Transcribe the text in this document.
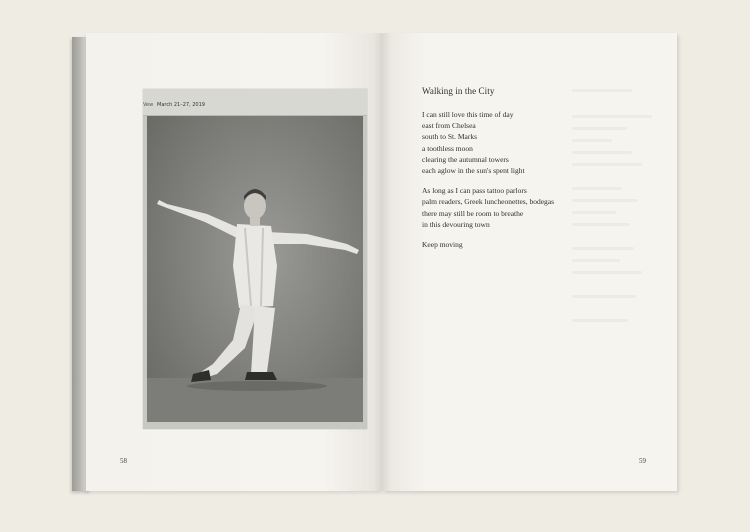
Vew March 21–27, 2019
·
58
Walking in the City
I can still love this time of day
east from Chelsea
south to St. Marks
a toothless moon
clearing the autumnal towers
each aglow in the sun's spent light
As long as I can pass tattoo parlors
palm readers, Greek luncheonettes, bodegas
there may still be room to breathe
in this devouring town
Keep moving
59
